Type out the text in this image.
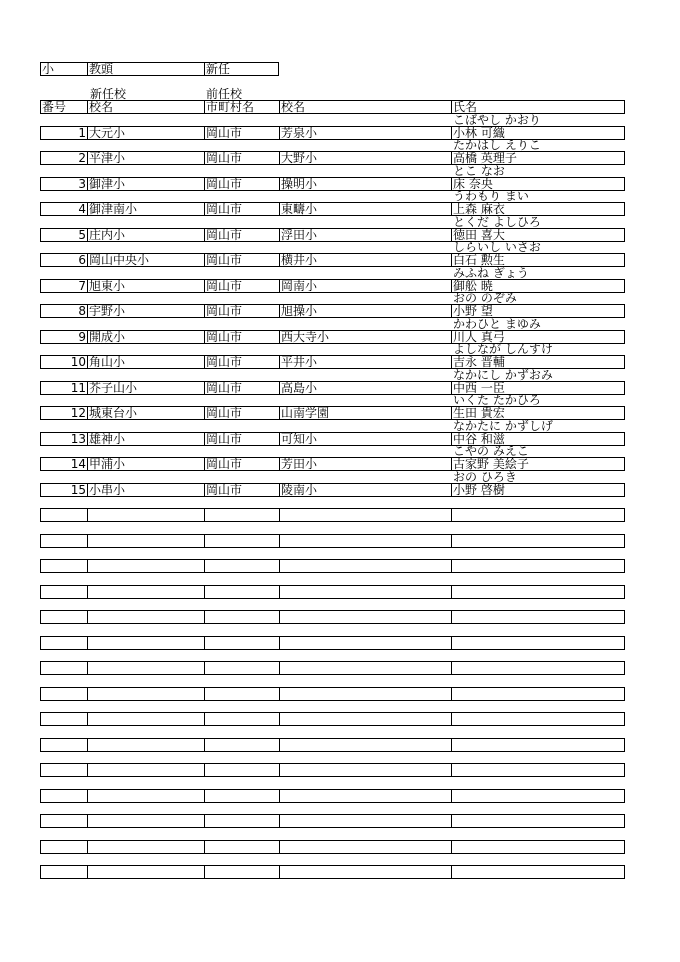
小	教頭	新任
新任校	前任校
番号	校名	市町村名	校名	氏名
こばやし かおり
1 大元小	岡山市	芳泉小	小林 可織
たかはし えりこ
2 平津小	岡山市	大野小	高橋 英理子
とこ なお
3 御津小	岡山市	操明小	床 奈央
うわもり まい
4 御津南小	岡山市	東疇小	上森 麻衣
とくだ よしひろ
5 庄内小	岡山市	浮田小	徳田 喜大
しらいし いさお
6 岡山中央小	岡山市	横井小	白石 勲生
みふね ぎょう
7 旭東小	岡山市	岡南小	御舩 暁
おの のぞみ
8 宇野小	岡山市	旭操小	小野 望
かわひと まゆみ
9 開成小	岡山市	西大寺小	川人 真弓
よしなが しんすけ
10 角山小	岡山市	平井小	吉永 晋輔
なかにし かずおみ
11 芥子山小	岡山市	高島小	中西 一臣
いくた たかひろ
12 城東台小	岡山市	山南学園	生田 貴宏
なかたに かずしげ
13 雄神小	岡山市	可知小	中谷 和滋
こやの みえこ
14 甲浦小	岡山市	芳田小	古家野 美絵子
おの ひろき
15 小串小	岡山市	陵南小	小野 啓樹
